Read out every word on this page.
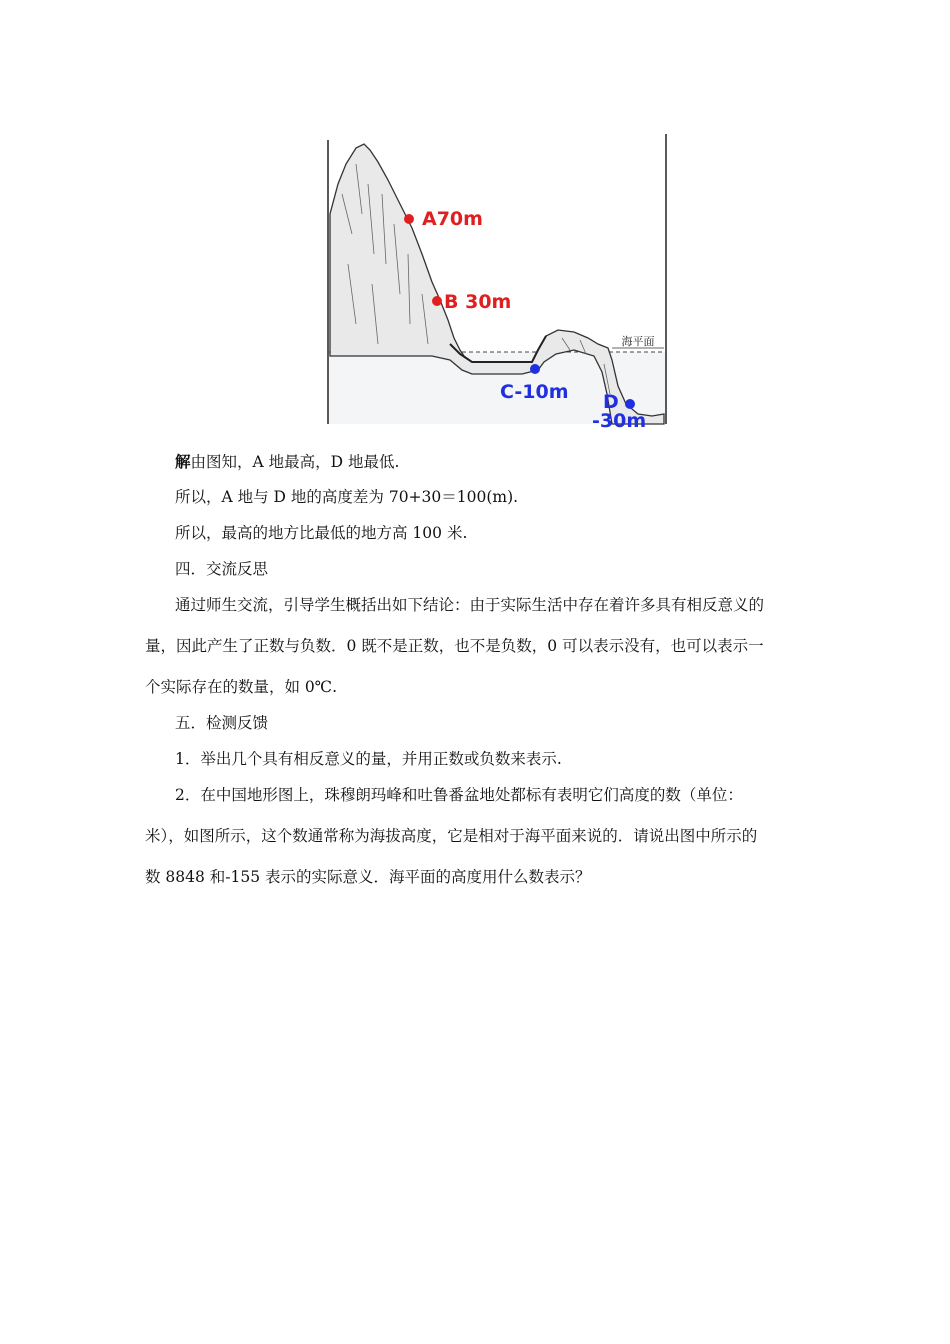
海平面
A70m
B 30m
C-10m D
-30m
解由图知，A 地最高，D 地最低.
所以，A 地与 D 地的高度差为 70+30＝100(m).
所以，最高的地方比最低的地方高 100 米.
四．交流反思
通过师生交流，引导学生概括出如下结论：由于实际生活中存在着许多具有相反意义的
量，因此产生了正数与负数．0 既不是正数，也不是负数，0 可以表示没有，也可以表示一
个实际存在的数量，如 0℃.
五．检测反馈
1．举出几个具有相反意义的量，并用正数或负数来表示.
2．在中国地形图上，珠穆朗玛峰和吐鲁番盆地处都标有表明它们高度的数（单位：
米），如图所示，这个数通常称为海拔高度，它是相对于海平面来说的．请说出图中所示的
数 8848 和-155 表示的实际意义．海平面的高度用什么数表示？
